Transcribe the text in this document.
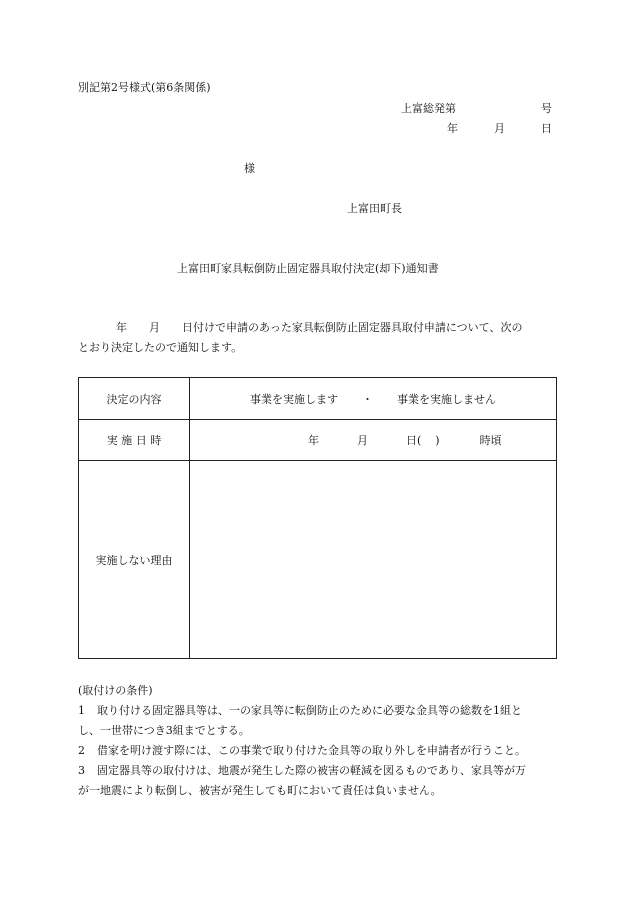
別記第2号様式(第6条関係)
上富総発第	号
年	月	日
様
上富田町長
上富田町家具転倒防止固定器具取付決定(却下)通知書
年 月 日付けで申請のあった家具転倒防止固定器具取付申請について、次の
とおり決定したので通知します。
決定の内容	事業を実施します ・ 事業を実施しません
実 施 日 時	年	月	日( )	時頃
実施しない理由
(取付けの条件)
1 取り付ける固定器具等は、一の家具等に転倒防止のために必要な金具等の総数を1組と
し、一世帯につき3組までとする。
2 借家を明け渡す際には、この事業で取り付けた金具等の取り外しを申請者が行うこと。
3 固定器具等の取付けは、地震が発生した際の被害の軽減を図るものであり、家具等が万
が一地震により転倒し、被害が発生しても町において責任は負いません。
